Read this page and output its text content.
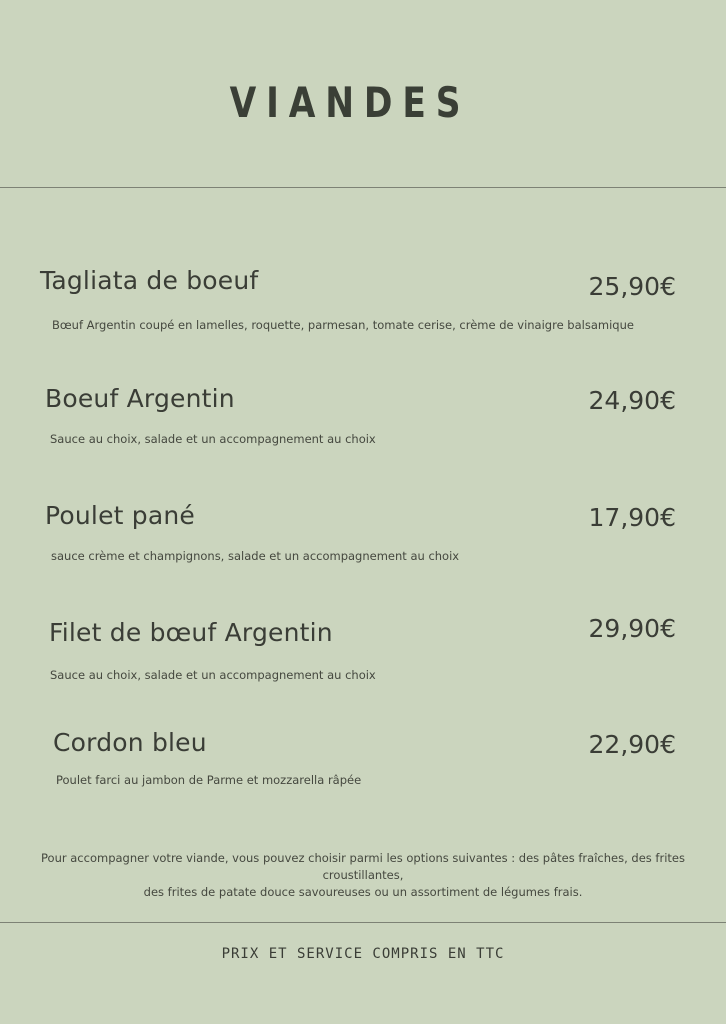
VIANDES
Tagliata de boeuf	25,90€
Bœuf Argentin coupé en lamelles, roquette, parmesan, tomate cerise, crème de vinaigre balsamique
Boeuf Argentin	24,90€
Sauce au choix, salade et un accompagnement au choix
Poulet pané	17,90€
sauce crème et champignons, salade et un accompagnement au choix
Filet de bœuf Argentin	29,90€
Sauce au choix, salade et un accompagnement au choix
Cordon bleu	22,90€
Poulet farci au jambon de Parme et mozzarella râpée
Pour accompagner votre viande, vous pouvez choisir parmi les options suivantes : des pâtes fraîches, des frites croustillantes,
des frites de patate douce savoureuses ou un assortiment de légumes frais.
PRIX ET SERVICE COMPRIS EN TTC
